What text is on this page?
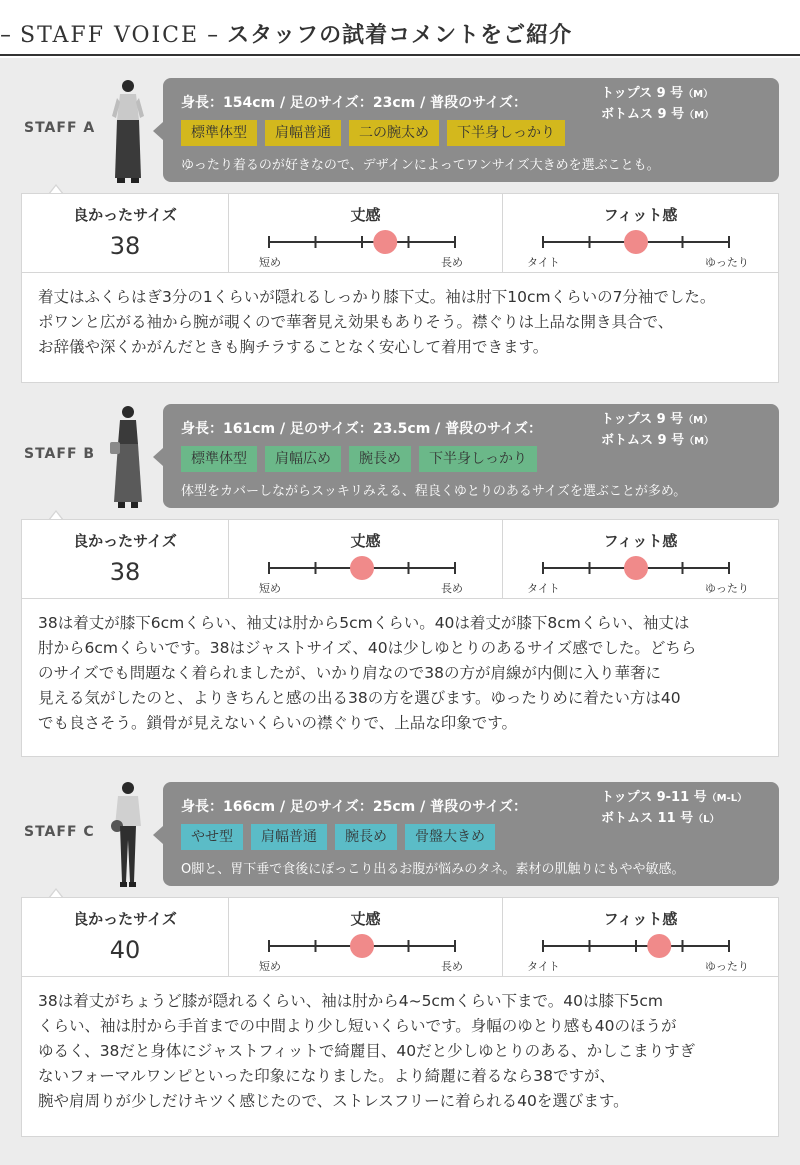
– STAFF VOICE – スタッフの試着コメントをご紹介
STAFF A
身長：154cm / 足のサイズ：23cm / 普段のサイズ：
トップス 9 号（M）
ボトムス 9 号（M）
標準体型	肩幅普通	二の腕太め	下半身しっかり
ゆったり着るのが好きなので、デザインによってワンサイズ大きめを選ぶことも。
良かったサイズ
38
丈感
短め	長め
フィット感
タイト	ゆったり

着丈はふくらはぎ3分の1くらいが隠れるしっかり膝下丈。袖は肘下10cmくらいの7分袖でした。

ポワンと広がる袖から腕が覗くので華奢見え効果もありそう。襟ぐりは上品な開き具合で、

お辞儀や深くかがんだときも胸チラすることなく安心して着用できます。

STAFF B
身長：161cm / 足のサイズ：23.5cm / 普段のサイズ：
トップス 9 号（M）
ボトムス 9 号（M）
標準体型	肩幅広め	腕長め	下半身しっかり
体型をカバーしながらスッキリみえる、程良くゆとりのあるサイズを選ぶことが多め。
良かったサイズ
38
丈感
短め	長め
フィット感
タイト	ゆったり

38は着丈が膝下6cmくらい、袖丈は肘から5cmくらい。40は着丈が膝下8cmくらい、袖丈は

肘から6cmくらいです。38はジャストサイズ、40は少しゆとりのあるサイズ感でした。どちら

のサイズでも問題なく着られましたが、いかり肩なので38の方が肩線が内側に入り華奢に

見える気がしたのと、よりきちんと感の出る38の方を選びます。ゆったりめに着たい方は40

でも良さそう。鎖骨が見えないくらいの襟ぐりで、上品な印象です。

STAFF C
身長：166cm / 足のサイズ：25cm / 普段のサイズ：
トップス 9-11 号（M-L）
ボトムス 11 号（L）
やせ型	肩幅普通	腕長め	骨盤大きめ
O脚と、胃下垂で食後にぽっこり出るお腹が悩みのタネ。素材の肌触りにもやや敏感。
良かったサイズ
40
丈感
短め	長め
フィット感
タイト	ゆったり

38は着丈がちょうど膝が隠れるくらい、袖は肘から4~5cmくらい下まで。40は膝下5cm

くらい、袖は肘から手首までの中間より少し短いくらいです。身幅のゆとり感も40のほうが

ゆるく、38だと身体にジャストフィットで綺麗目、40だと少しゆとりのある、かしこまりすぎ

ないフォーマルワンピといった印象になりました。より綺麗に着るなら38ですが、

腕や肩周りが少しだけキツく感じたので、ストレスフリーに着られる40を選びます。
